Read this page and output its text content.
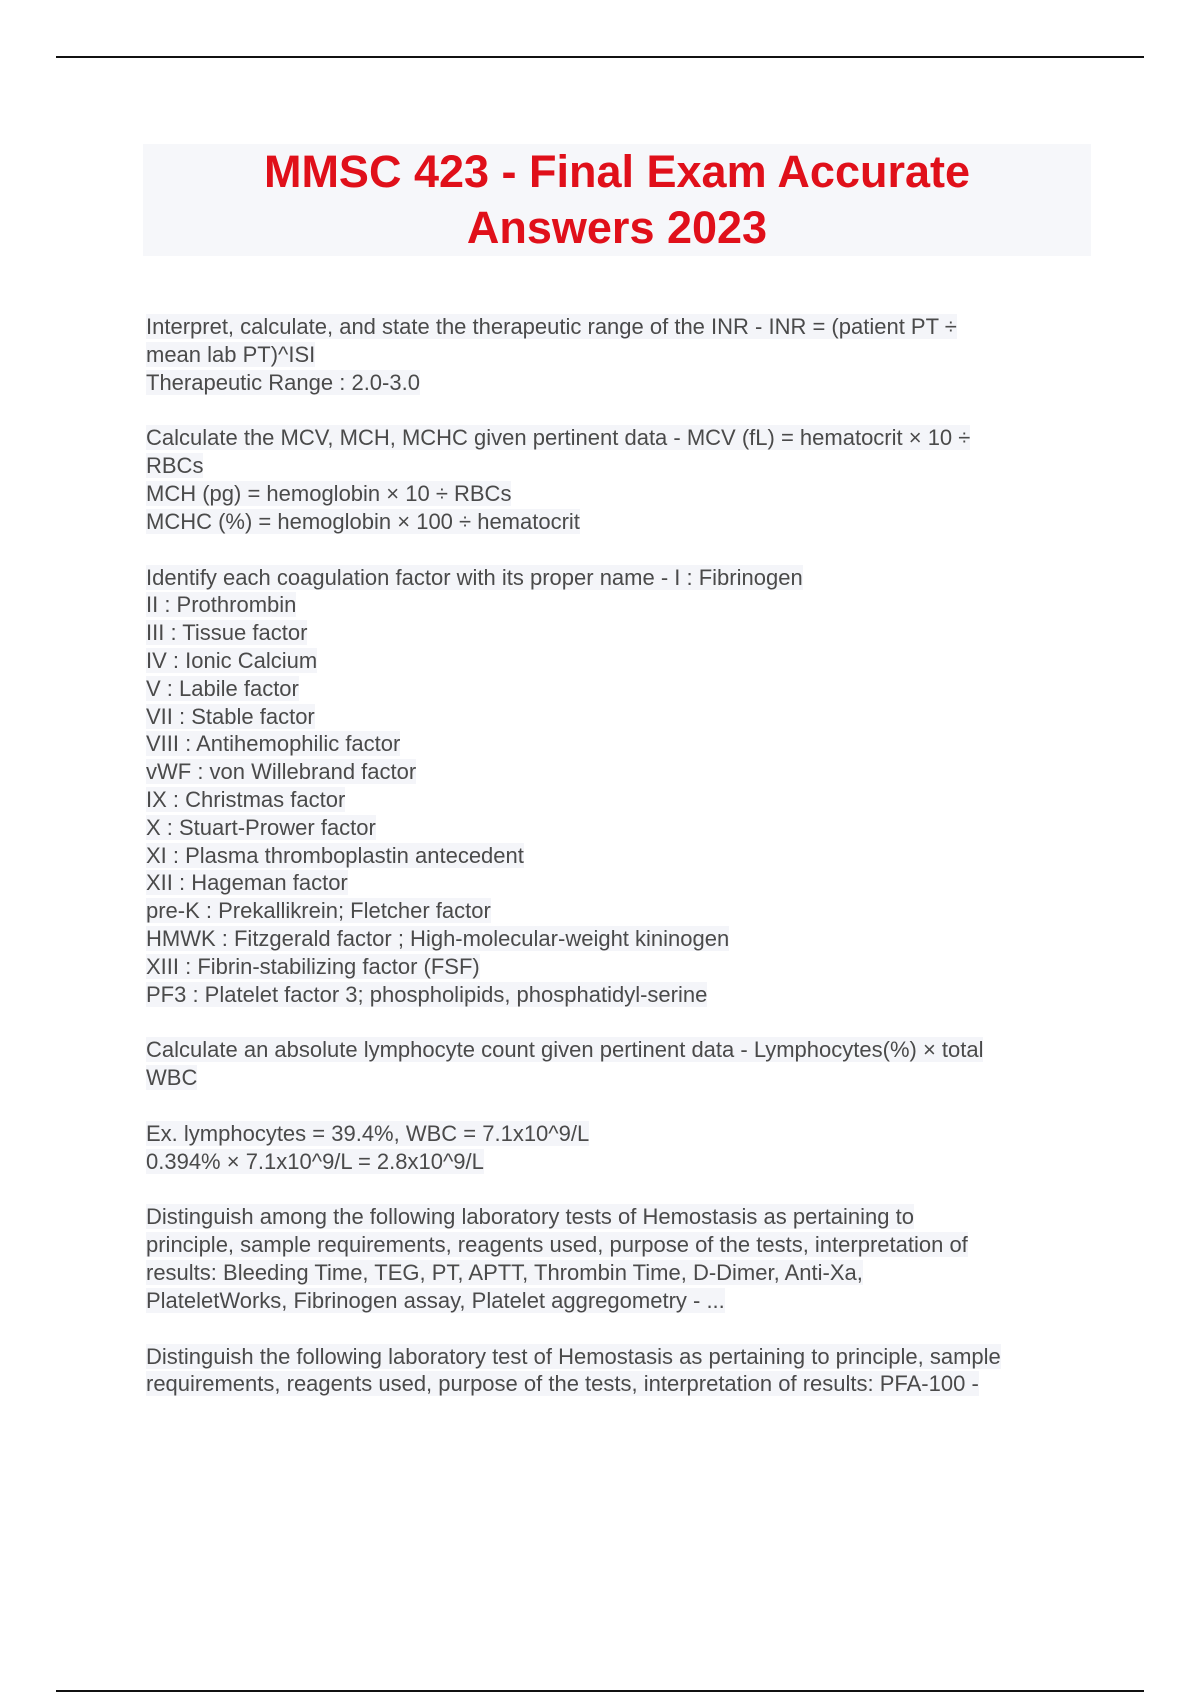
MMSC 423 - Final Exam Accurate
Answers 2023
Interpret, calculate, and state the therapeutic range of the INR - INR = (patient PT ÷
mean lab PT)^ISI
Therapeutic Range : 2.0-3.0
Calculate the MCV, MCH, MCHC given pertinent data - MCV (fL) = hematocrit × 10 ÷
RBCs
MCH (pg) = hemoglobin × 10 ÷ RBCs
MCHC (%) = hemoglobin × 100 ÷ hematocrit
Identify each coagulation factor with its proper name - I : Fibrinogen
II : Prothrombin
III : Tissue factor
IV : Ionic Calcium
V : Labile factor
VII : Stable factor
VIII : Antihemophilic factor
vWF : von Willebrand factor
IX : Christmas factor
X : Stuart-Prower factor
XI : Plasma thromboplastin antecedent
XII : Hageman factor
pre-K : Prekallikrein; Fletcher factor
HMWK : Fitzgerald factor ; High-molecular-weight kininogen
XIII : Fibrin-stabilizing factor (FSF)
PF3 : Platelet factor 3; phospholipids, phosphatidyl-serine
Calculate an absolute lymphocyte count given pertinent data - Lymphocytes(%) × total
WBC
Ex. lymphocytes = 39.4%, WBC = 7.1x10^9/L
0.394% × 7.1x10^9/L = 2.8x10^9/L
Distinguish among the following laboratory tests of Hemostasis as pertaining to
principle, sample requirements, reagents used, purpose of the tests, interpretation of
results: Bleeding Time, TEG, PT, APTT, Thrombin Time, D-Dimer, Anti-Xa,
PlateletWorks, Fibrinogen assay, Platelet aggregometry - ...
Distinguish the following laboratory test of Hemostasis as pertaining to principle, sample
requirements, reagents used, purpose of the tests, interpretation of results: PFA-100 -
